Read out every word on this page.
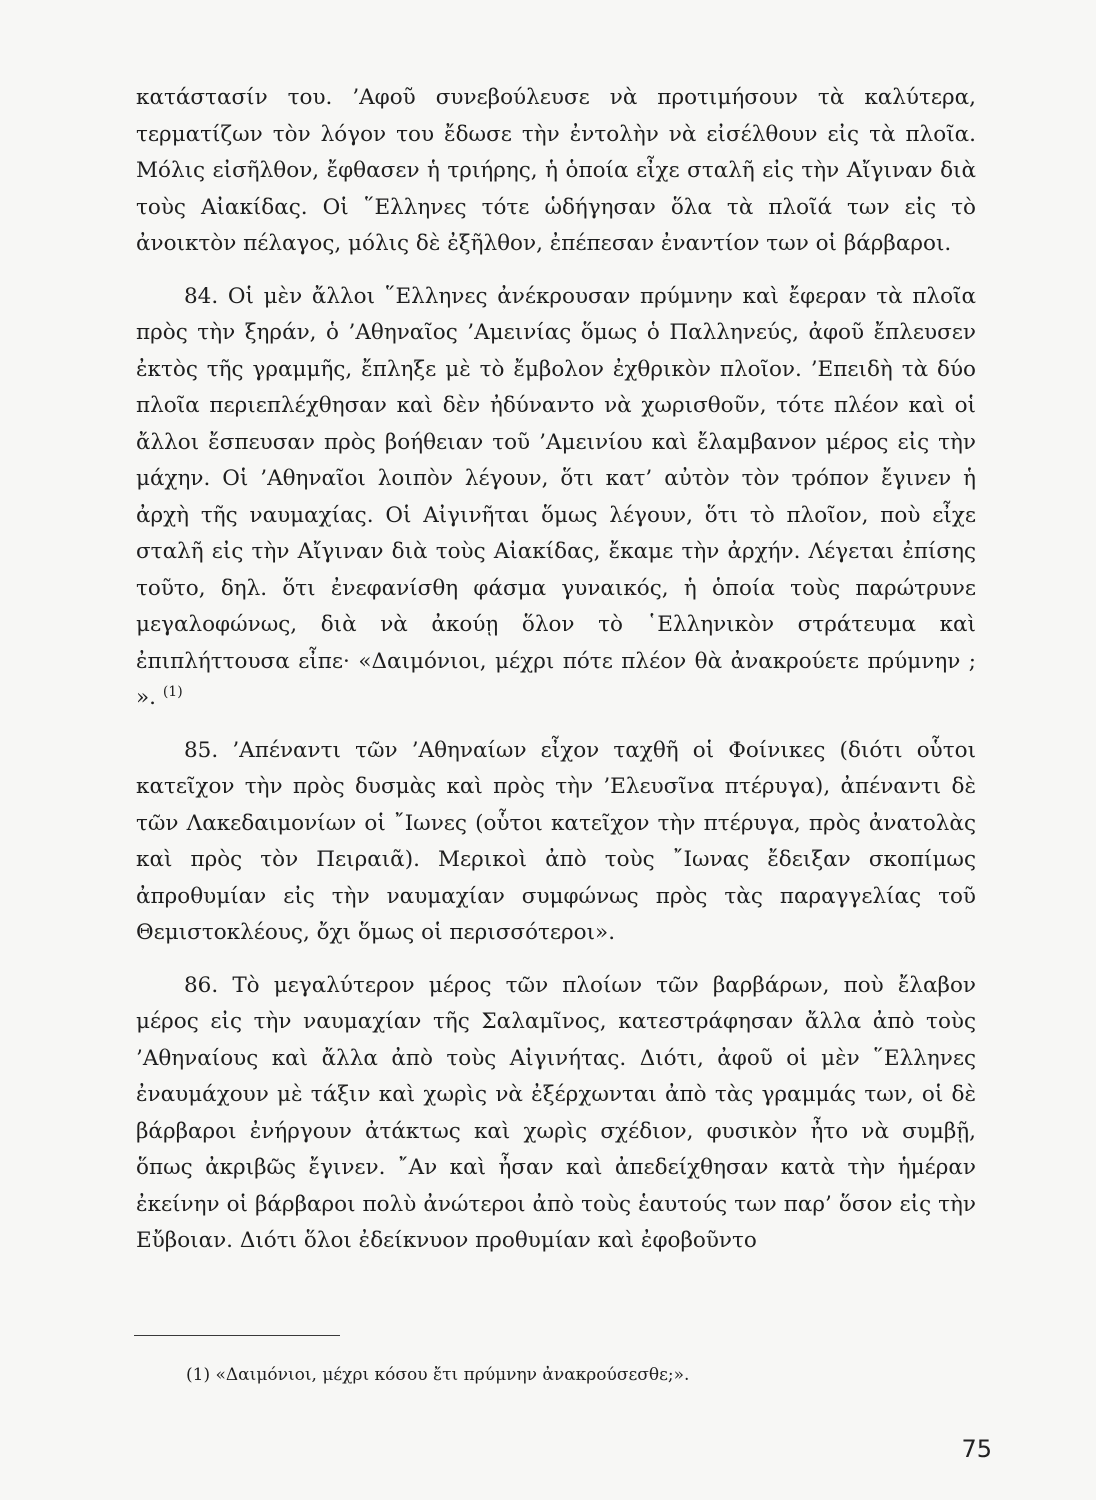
κατάστασίν του. ’Αφοῦ συνεβούλευσε νὰ προτιμήσουν τὰ καλύτερα, τερματίζων τὸν λόγον του ἔδωσε τὴν ἐντολὴν νὰ εἰσέλθουν εἰς τὰ πλοῖα. Μόλις εἰσῆλθον, ἔφθασεν ἡ τριήρης, ἡ ὁποία εἶχε σταλῆ εἰς τὴν Αἴγιναν διὰ τοὺς Αἰακίδας. Οἱ ῞Ελληνες τότε ὡδήγησαν ὅλα τὰ πλοῖά των εἰς τὸ ἀνοικτὸν πέλαγος, μόλις δὲ ἐξῆλθον, ἐπέπεσαν ἐναντίον των οἱ βάρβαροι.

84. Οἱ μὲν ἄλλοι ῞Ελληνες ἀνέκρουσαν πρύμνην καὶ ἔφεραν τὰ πλοῖα πρὸς τὴν ξηράν, ὁ ’Αθηναῖος ’Αμεινίας ὅμως ὁ Παλληνεύς, ἀφοῦ ἔπλευσεν ἐκτὸς τῆς γραμμῆς, ἔπληξε μὲ τὸ ἔμβολον ἐχθρικὸν πλοῖον. ’Επειδὴ τὰ δύο πλοῖα περιεπλέχθησαν καὶ δὲν ἠδύναντο νὰ χωρισθοῦν, τότε πλέον καὶ οἱ ἄλλοι ἔσπευσαν πρὸς βοήθειαν τοῦ ’Αμεινίου καὶ ἔλαμβανον μέρος εἰς τὴν μάχην. Οἱ ’Αθηναῖοι λοιπὸν λέγουν, ὅτι κατ’ αὐτὸν τὸν τρόπον ἔγινεν ἡ ἀρχὴ τῆς ναυμαχίας. Οἱ Αἰγινῆται ὅμως λέγουν, ὅτι τὸ πλοῖον, ποὺ εἶχε σταλῆ εἰς τὴν Αἴγιναν διὰ τοὺς Αἰακίδας, ἔκαμε τὴν ἀρχήν. Λέγεται ἐπίσης τοῦτο, δηλ. ὅτι ἐνεφανίσθη φάσμα γυναικός, ἡ ὁποία τοὺς παρώτρυνε μεγαλοφώνως, διὰ νὰ ἀκούῃ ὅλον τὸ ῾Ελληνικὸν στράτευμα καὶ ἐπιπλήττουσα εἶπε· «Δαιμόνιοι, μέχρι πότε πλέον θὰ ἀνακρούετε πρύμνην ; ». $^{(1)}$

85. ’Απέναντι τῶν ’Αθηναίων εἶχον ταχθῆ οἱ Φοίνικες (διότι οὗτοι κατεῖχον τὴν πρὸς δυσμὰς καὶ πρὸς τὴν ’Ελευσῖνα πτέρυγα), ἀπέναντι δὲ τῶν Λακεδαιμονίων οἱ ῎Ιωνες (οὗτοι κατεῖχον τὴν πτέρυγα, πρὸς ἀνατολὰς καὶ πρὸς τὸν Πειραιᾶ). Μερικοὶ ἀπὸ τοὺς ῎Ιωνας ἔδειξαν σκοπίμως ἀπροθυμίαν εἰς τὴν ναυμαχίαν συμφώνως πρὸς τὰς παραγγελίας τοῦ Θεμιστοκλέους, ὄχι ὅμως οἱ περισσότεροι».

86. Τὸ μεγαλύτερον μέρος τῶν πλοίων τῶν βαρβάρων, ποὺ ἔλαβον μέρος εἰς τὴν ναυμαχίαν τῆς Σαλαμῖνος, κατεστράφησαν ἄλλα ἀπὸ τοὺς ’Αθηναίους καὶ ἄλλα ἀπὸ τοὺς Αἰγινήτας. Διότι, ἀφοῦ οἱ μὲν ῞Ελληνες ἐναυμάχουν μὲ τάξιν καὶ χωρὶς νὰ ἐξέρχωνται ἀπὸ τὰς γραμμάς των, οἱ δὲ βάρβαροι ἐνήργουν ἀτάκτως καὶ χωρὶς σχέδιον, φυσικὸν ἦτο νὰ συμβῇ, ὅπως ἀκριβῶς ἔγινεν. ῎Αν καὶ ἦσαν καὶ ἀπεδείχθησαν κατὰ τὴν ἡμέραν ἐκείνην οἱ βάρβαροι πολὺ ἀνώτεροι ἀπὸ τοὺς ἑαυτούς των παρ’ ὅσον εἰς τὴν Εὔβοιαν. Διότι ὅλοι ἐδείκνυον προθυμίαν καὶ ἐφοβοῦντο

(1) «Δαιμόνιοι, μέχρι κόσου ἔτι πρύμνην ἀνακρούσεσθε;».
75
